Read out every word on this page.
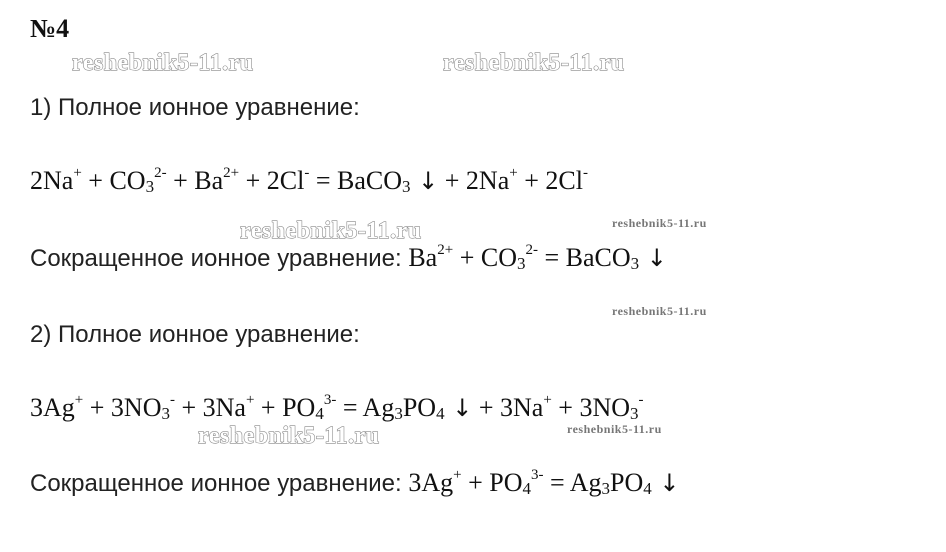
№4
reshebnik5-11.ru	reshebnik5-11.ru
reshebnik5-11.ru	reshebnik5-11.ru
reshebnik5-11.ru
reshebnik5-11.ru	reshebnik5-11.ru
1) Полное ионное уравнение:
$2Na^+ + CO_3^{2-} + Ba^{2+} + 2Cl^-$ = BaCO$_3$ ↓ + 2Na+ + 2Cl-
Сокращенное ионное уравнение: $Ba^{2+} + CO_3^{2-}$ = BaCO$_3$ ↓
2) Полное ионное уравнение:
$3Ag^+ + 3NO_3^- + 3Na^+ + PO_4^{3-} = Ag_3PO_4$ ↓ + $3Na^+ + 3NO_3^-$
Сокращенное ионное уравнение: $3Ag^+ + PO_4^{3-} = Ag_3PO_4$ ↓
